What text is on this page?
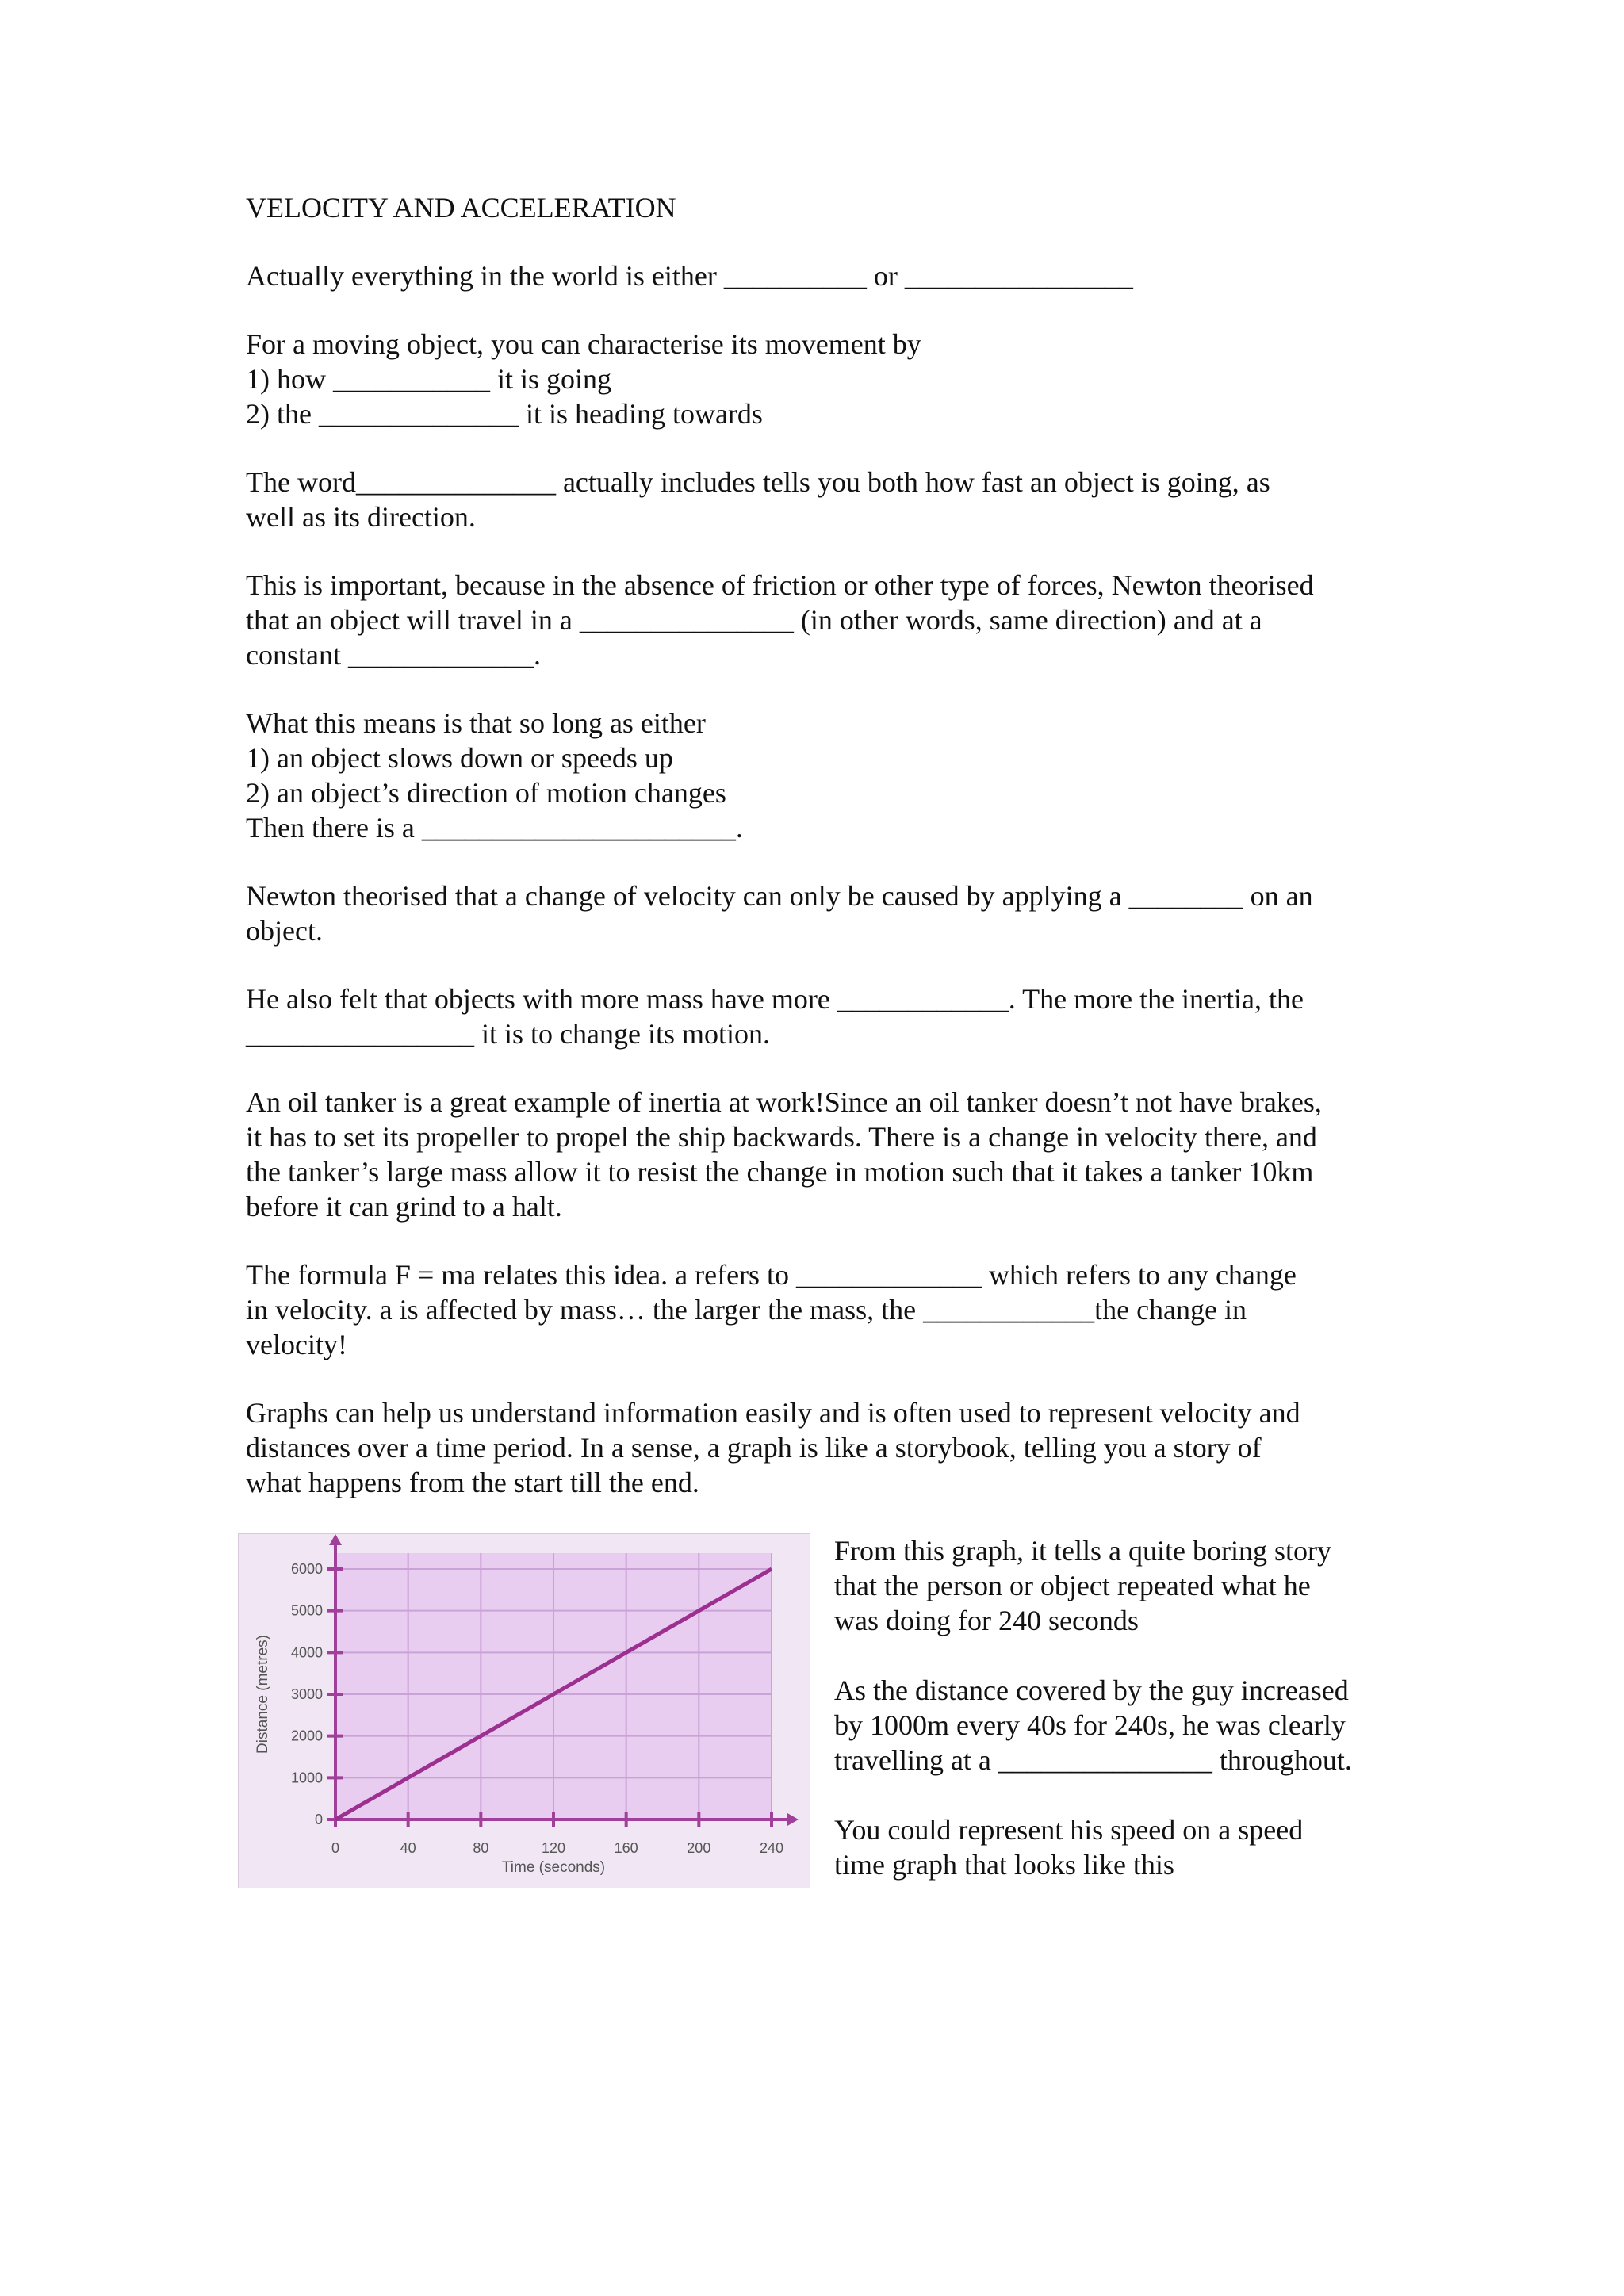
VELOCITY AND ACCELERATION
Actually everything in the world is either __________ or ________________
For a moving object, you can characterise its movement by
1) how ___________ it is going
2) the ______________ it is heading towards
The word______________ actually includes tells you both how fast an object is going, as
well as its direction.
This is important, because in the absence of friction or other type of forces, Newton theorised
that an object will travel in a _______________ (in other words, same direction) and at a
constant _____________.
What this means is that so long as either
1) an object slows down or speeds up
2) an object’s direction of motion changes
Then there is a ______________________.
Newton theorised that a change of velocity can only be caused by applying a ________ on an
object.
He also felt that objects with more mass have more ____________. The more the inertia, the
________________ it is to change its motion.
An oil tanker is a great example of inertia at work!Since an oil tanker doesn’t not have brakes,
it has to set its propeller to propel the ship backwards. There is a change in velocity there, and
the tanker’s large mass allow it to resist the change in motion such that it takes a tanker 10km
before it can grind to a halt.
The formula F = ma relates this idea. a refers to _____________ which refers to any change
in velocity. a is affected by mass… the larger the mass, the ____________the change in
velocity!
Graphs can help us understand information easily and is often used to represent velocity and
distances over a time period. In a sense, a graph is like a storybook, telling you a story of
what happens from the start till the end.
0	40	80	120	160	200	240
0
1000
2000
3000
4000
5000
6000
Time (seconds)
Distance (metres)
From this graph, it tells a quite boring story
that the person or object repeated what he
was doing for 240 seconds
As the distance covered by the guy increased
by 1000m every 40s for 240s, he was clearly
travelling at a _______________ throughout.
You could represent his speed on a speed
time graph that looks like this
